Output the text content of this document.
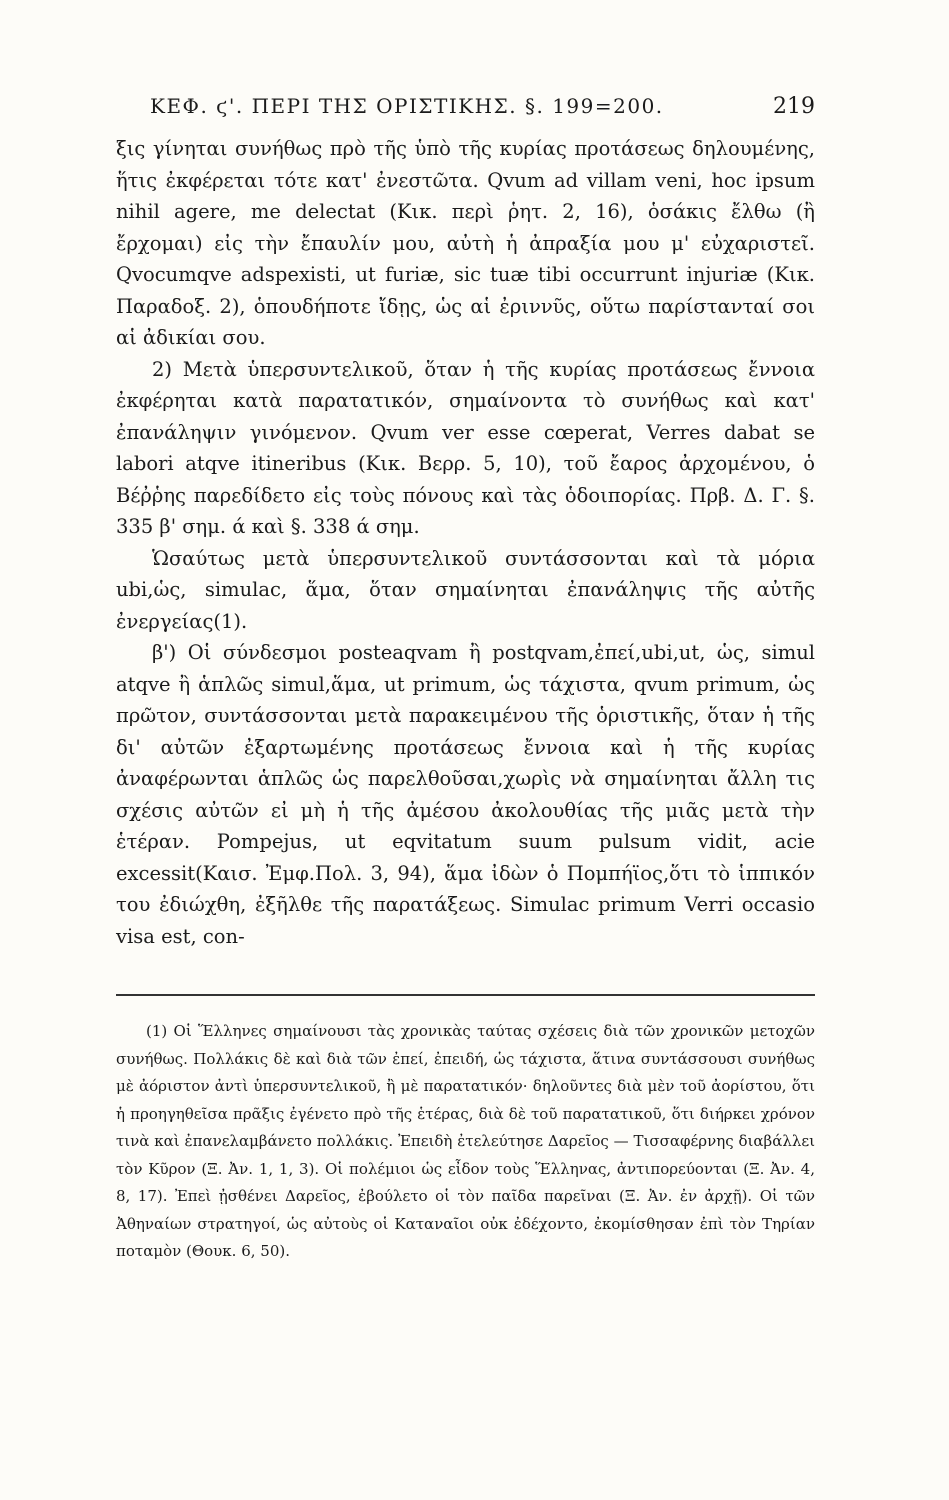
ΚΕΦ. ϛ'. ΠΕΡΙ ΤΗΣ ΟΡΙΣΤΙΚΗΣ. §. 199=200.	219

ξις γίνηται συνήθως πρὸ τῆς ὑπὸ τῆς κυρίας προτάσεως δηλουμένης, ἥτις ἐκφέρεται τότε κατ' ἐνεστῶτα. Qvum ad villam veni, hoc ipsum nihil agere, me delectat (Κικ. περὶ ῥητ. 2, 16), ὁσάκις ἔλθω (ἢ ἔρχομαι) εἰς τὴν ἔπαυλίν μου, αὐτὴ ἡ ἀπραξία μου μ' εὐχαριστεῖ. Qvocumqve adspexisti, ut furiæ, sic tuæ tibi occurrunt injuriæ (Κικ. Παραδοξ. 2), ὁπουδήποτε ἴδῃς, ὡς αἱ ἐριννῦς, οὕτω παρίστανταί σοι αἱ ἀδικίαι σου.

2) Μετὰ ὑπερσυντελικοῦ, ὅταν ἡ τῆς κυρίας προτάσεως ἔννοια ἐκφέρηται κατὰ παρατατικόν, σημαίνοντα τὸ συνήθως καὶ κατ' ἐπανάληψιν γινόμενον. Qvum ver esse cœperat, Verres dabat se labori atqve itineribus (Κικ. Βερρ. 5, 10), τοῦ ἔαρος ἀρχομένου, ὁ Βέῤῥης παρεδίδετο εἰς τοὺς πόνους καὶ τὰς ὁδοιπορίας. Πρβ. Δ. Γ. §. 335 β' σημ. ά καὶ §. 338 ά σημ.

Ὡσαύτως μετὰ ὑπερσυντελικοῦ συντάσσονται καὶ τὰ μόρια ubi,ὡς, simulac, ἅμα, ὅταν σημαίνηται ἐπανάληψις τῆς αὐτῆς ἐνεργείας(1).

β') Οἱ σύνδεσμοι posteaqvam ἢ postqvam,ἐπεί,ubi,ut, ὡς, simul atqve ἢ ἁπλῶς simul,ἅμα, ut primum, ὡς τάχιστα, qvum primum, ὡς πρῶτον, συντάσσονται μετὰ παρακειμένου τῆς ὁριστικῆς, ὅταν ἡ τῆς δι' αὐτῶν ἐξαρτωμένης προτάσεως ἔννοια καὶ ἡ τῆς κυρίας ἀναφέρωνται ἁπλῶς ὡς παρελθοῦσαι,χωρὶς νὰ σημαίνηται ἄλλη τις σχέσις αὐτῶν εἰ μὴ ἡ τῆς ἀμέσου ἀκολουθίας τῆς μιᾶς μετὰ τὴν ἑτέραν. Pompejus, ut eqvitatum suum pulsum vidit, acie excessit(Καισ. Ἐμφ.Πολ. 3, 94), ἅμα ἰδὼν ὁ Πομπήϊος,ὅτι τὸ ἱππικόν του ἐδιώχθη, ἐξῆλθε τῆς παρατάξεως. Simulac primum Verri occasio visa est, con-

(1) Οἱ Ἕλληνες σημαίνουσι τὰς χρονικὰς ταύτας σχέσεις διὰ τῶν χρονικῶν μετοχῶν συνήθως. Πολλάκις δὲ καὶ διὰ τῶν ἐπεί, ἐπειδή, ὡς τάχιστα, ἅτινα συντάσσουσι συνήθως μὲ ἀόριστον ἀντὶ ὑπερσυντελικοῦ, ἢ μὲ παρατατικόν· δηλοῦντες διὰ μὲν τοῦ ἀορίστου, ὅτι ἡ προηγηθεῖσα πρᾶξις ἐγένετο πρὸ τῆς ἑτέρας, διὰ δὲ τοῦ παρατατικοῦ, ὅτι διήρκει χρόνον τινὰ καὶ ἐπανελαμβάνετο πολλάκις. Ἐπειδὴ ἐτελεύτησε Δαρεῖος — Τισσαφέρνης διαβάλλει τὸν Κῦρον (Ξ. Ἀν. 1, 1, 3). Οἱ πολέμιοι ὡς εἶδον τοὺς Ἕλληνας, ἀντιπορεύονται (Ξ. Ἀν. 4, 8, 17). Ἐπεὶ ᾐσθένει Δαρεῖος, ἐβούλετο οἱ τὸν παῖδα παρεῖναι (Ξ. Ἀν. ἐν ἀρχῇ). Οἱ τῶν Ἀθηναίων στρατηγοί, ὡς αὐτοὺς οἱ Καταναῖοι οὐκ ἐδέχοντο, ἐκομίσθησαν ἐπὶ τὸν Τηρίαν ποταμὸν (Θουκ. 6, 50).
